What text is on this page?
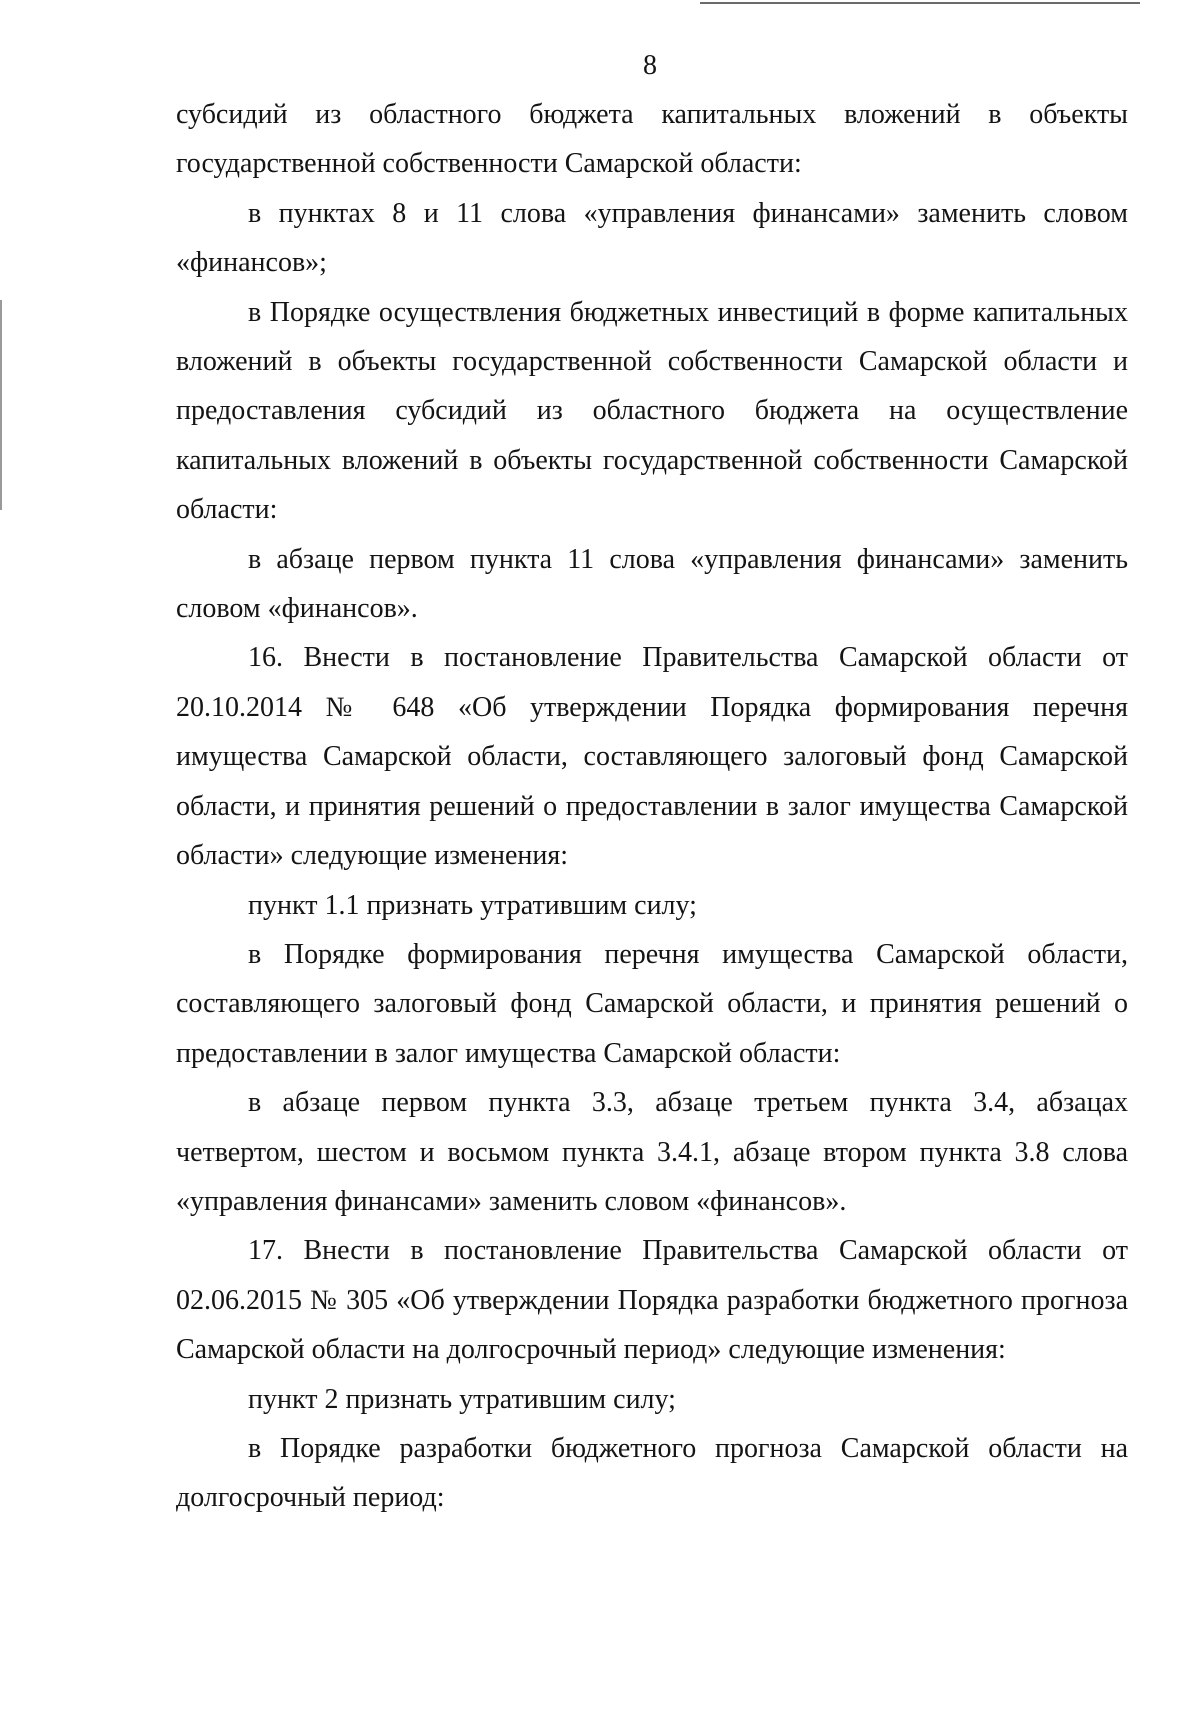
8

субсидий из областного бюджета капитальных вложений в объекты государственной собственности Самарской области:

в пунктах 8 и 11 слова «управления финансами» заменить словом «финансов»;

в Порядке осуществления бюджетных инвестиций в форме капитальных вложений в объекты государственной собственности Самарской области и предоставления субсидий из областного бюджета на осуществление капитальных вложений в объекты государственной собственности Самарской области:

в абзаце первом пункта 11 слова «управления финансами» заменить словом «финансов».

16. Внести в постановление Правительства Самарской области от 20.10.2014 № 648 «Об утверждении Порядка формирования перечня имущества Самарской области, составляющего залоговый фонд Самарской области, и принятия решений о предоставлении в залог имущества Самарской области» следующие изменения:

пункт 1.1 признать утратившим силу;

в Порядке формирования перечня имущества Самарской области, составляющего залоговый фонд Самарской области, и принятия решений о предоставлении в залог имущества Самарской области:

в абзаце первом пункта 3.3, абзаце третьем пункта 3.4, абзацах четвертом, шестом и восьмом пункта 3.4.1, абзаце втором пункта 3.8 слова «управления финансами» заменить словом «финансов».

17. Внести в постановление Правительства Самарской области от 02.06.2015 № 305 «Об утверждении Порядка разработки бюджетного прогноза Самарской области на долгосрочный период» следующие изменения:

пункт 2 признать утратившим силу;

в Порядке разработки бюджетного прогноза Самарской области на долгосрочный период:
